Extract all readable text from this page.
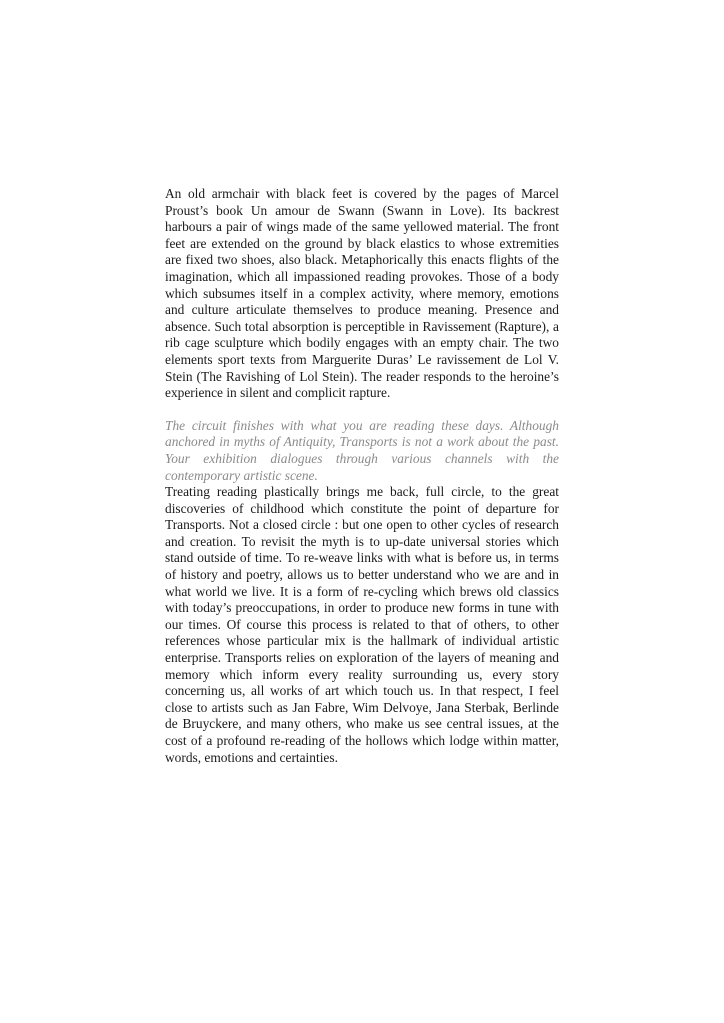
An old armchair with black feet is covered by the pages of Marcel Proust’s book Un amour de Swann (Swann in Love). Its backrest harbours a pair of wings made of the same yellowed material. The front feet are extended on the ground by black elastics to whose extremities are fixed two shoes, also black. Metaphorically this enacts flights of the imagination, which all impassioned reading provokes. Those of a body which subsumes itself in a complex activity, where memory, emotions and culture articulate themselves to produce meaning. Presence and absence. Such total absorption is perceptible in Ravissement (Rapture), a rib cage sculpture which bodily engages with an empty chair. The two elements sport texts from Marguerite Duras’ Le ravissement de Lol V. Stein (The Ravishing of Lol Stein). The reader responds to the heroine’s experience in silent and complicit rapture.

The circuit finishes with what you are reading these days. Although anchored in myths of Antiquity, Transports is not a work about the past. Your exhibition dialogues through various channels with the contemporary artistic scene.

Treating reading plastically brings me back, full circle, to the great discoveries of childhood which constitute the point of departure for Transports. Not a closed circle : but one open to other cycles of research and creation. To revisit the myth is to up-date universal stories which stand outside of time. To re-weave links with what is before us, in terms of history and poetry, allows us to better understand who we are and in what world we live. It is a form of re-cycling which brews old classics with today’s preoccupations, in order to produce new forms in tune with our times. Of course this process is related to that of others, to other references whose particular mix is the hallmark of individual artistic enterprise. Transports relies on exploration of the layers of meaning and memory which inform every reality surrounding us, every story concerning us, all works of art which touch us. In that respect, I feel close to artists such as Jan Fabre, Wim Delvoye, Jana Sterbak, Berlinde de Bruyckere, and many others, who make us see central issues, at the cost of a profound re-reading of the hollows which lodge within matter, words, emotions and certainties.
